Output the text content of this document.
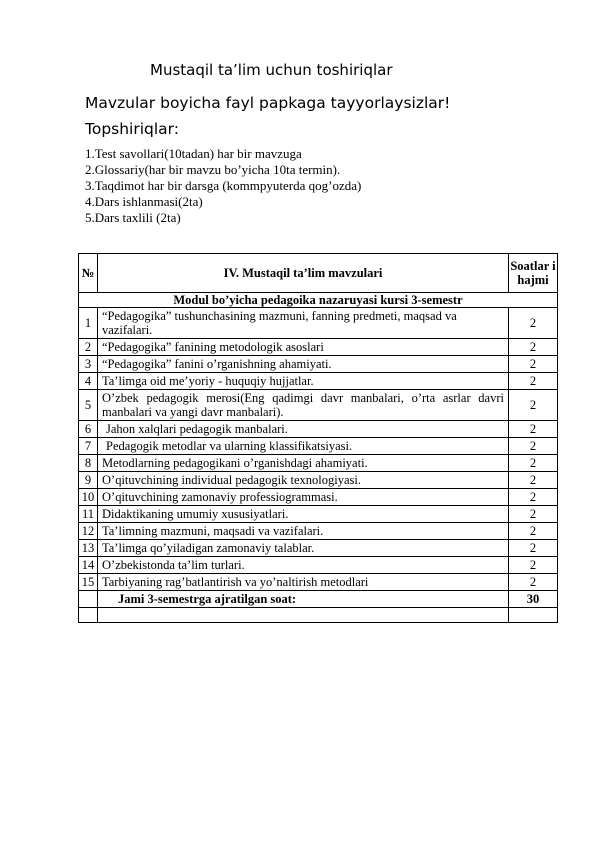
Mustaqil ta’lim uchun toshiriqlar
Mavzular boyicha fayl papkaga tayyorlaysizlar!
Topshiriqlar:
1.Test savollari(10tadan) har bir mavzuga
2.Glossariy(har bir mavzu bo’yicha 10ta termin).
3.Taqdimot har bir darsga (kommpyuterda qog’ozda)
4.Dars ishlanmasi(2ta)
5.Dars taxlili (2ta)
№	IV. Mustaqil ta’lim mavzulari	Soatlar i hajmi
Modul bo’yicha pedagoika nazaruyasi kursi 3-semestr		
1	“Pedagogika” tushunchasining mazmuni, fanning predmeti, maqsad va vazifalari.	2
2	“Pedagogika” fanining metodologik asoslari	2
3	“Pedagogika” fanini o’rganishning ahamiyati.	2
4	Ta’limga oid me’yoriy - huquqiy hujjatlar.	2
5	O’zbek pedagogik merosi(Eng qadimgi davr manbalari, o’rta asrlar davri manbalari va yangi davr manbalari).	2
6	Jahon xalqlari pedagogik manbalari.	2
7	Pedagogik metodlar va ularning klassifikatsiyasi.	2
8	Metodlarning pedagogikani o’rganishdagi ahamiyati.	2
9	O’qituvchining individual pedagogik texnologiyasi.	2
10	O’qituvchining zamonaviy professiogrammasi.	2
11	Didaktikaning umumiy xususiyatlari.	2
12	Ta’limning mazmuni, maqsadi va vazifalari.	2
13	Ta’limga qo’yiladigan zamonaviy talablar.	2
14	O’zbekistonda ta’lim turlari.	2
15	Tarbiyaning rag’batlantirish va yo’naltirish metodlari	2
	Jami 3-semestrga ajratilgan soat:	30
